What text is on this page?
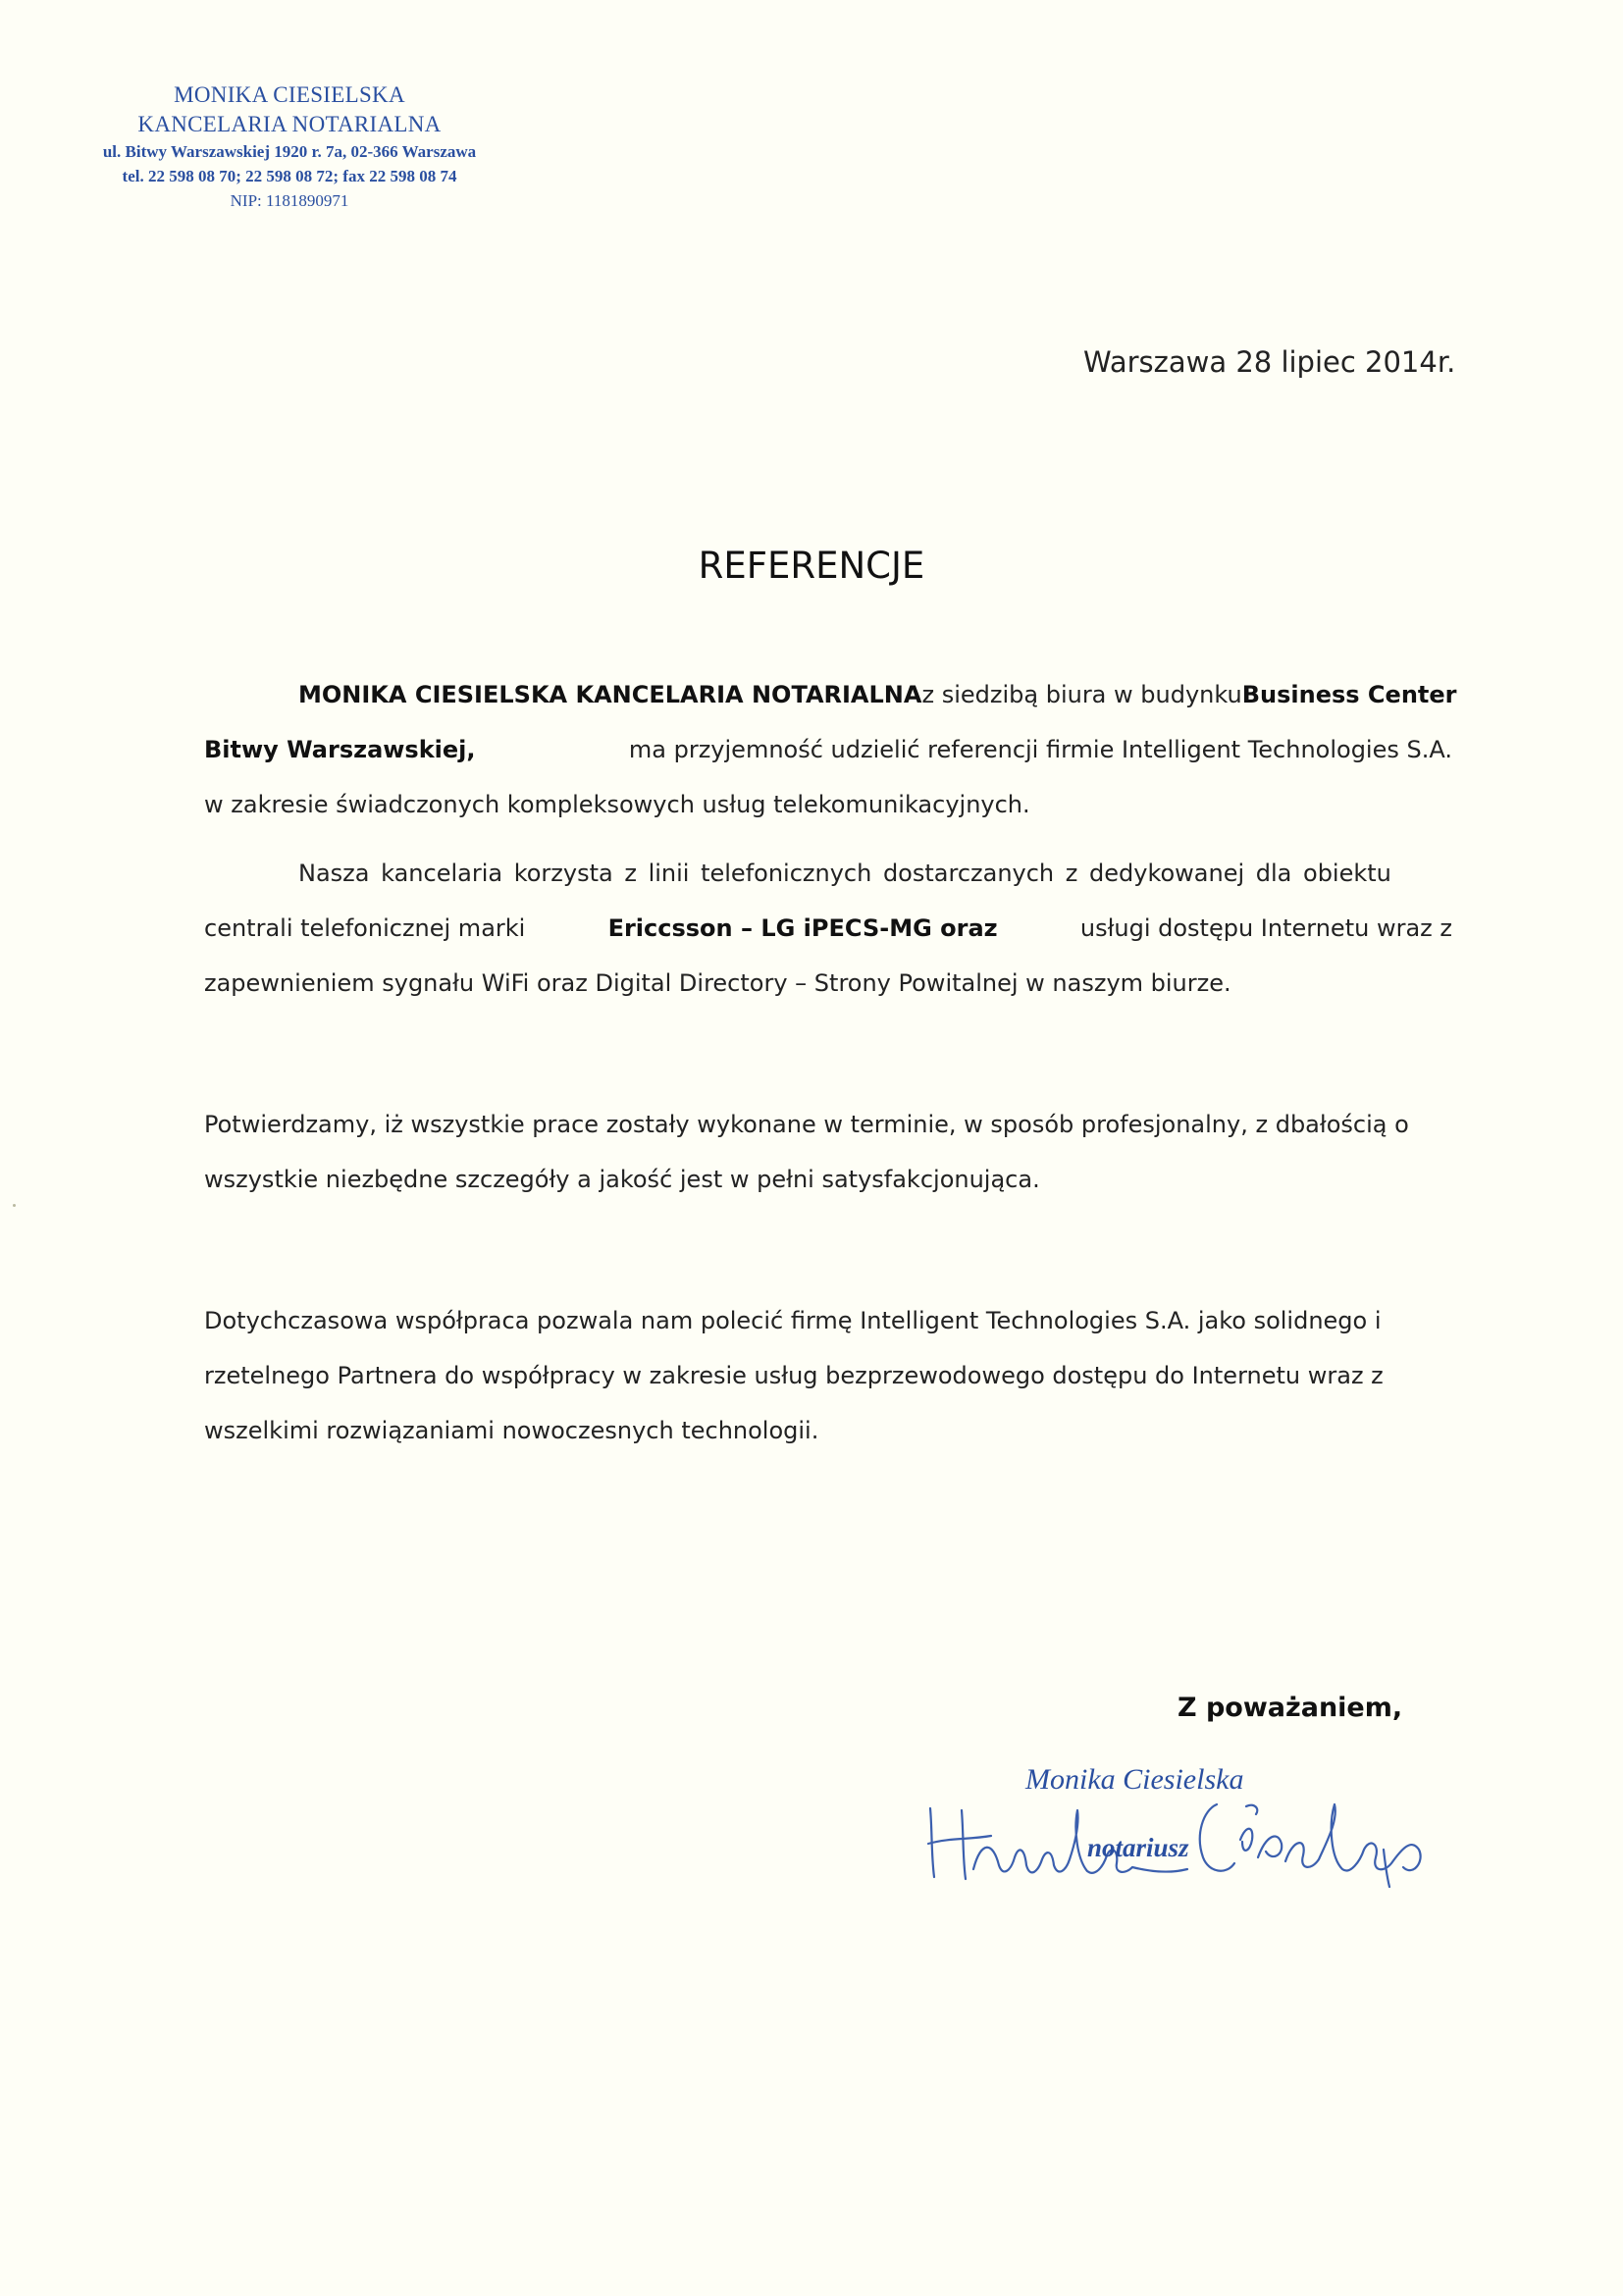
MONIKA CIESIELSKA
KANCELARIA NOTARIALNA
ul. Bitwy Warszawskiej 1920 r. 7a, 02-366 Warszawa
tel. 22 598 08 70; 22 598 08 72; fax 22 598 08 74
NIP: 1181890971
Warszawa 28 lipiec 2014r.
REFERENCJE
MONIKA CIESIELSKA KANCELARIA NOTARIALNA z siedzibą biura w budynku Business Center
Bitwy Warszawskiej,	ma przyjemność udzielić referencji firmie Intelligent Technologies S.A.
w zakresie świadczonych kompleksowych usług telekomunikacyjnych.
Nasza kancelaria korzysta z linii telefonicznych dostarczanych z dedykowanej dla obiektu
centrali telefonicznej marki	Ericcsson – LG iPECS-MG oraz	usługi dostępu Internetu wraz z
zapewnieniem sygnału WiFi oraz Digital Directory – Strony Powitalnej w naszym biurze.
Potwierdzamy, iż wszystkie prace zostały wykonane w terminie, w sposób profesjonalny, z dbałością o
wszystkie niezbędne szczegóły a jakość jest w pełni satysfakcjonująca.
Dotychczasowa współpraca pozwala nam polecić firmę Intelligent Technologies S.A. jako solidnego i
rzetelnego Partnera do współpracy w zakresie usług bezprzewodowego dostępu do Internetu wraz z
wszelkimi rozwiązaniami nowoczesnych technologii.
Z poważaniem,
Monika Ciesielska
notariusz
